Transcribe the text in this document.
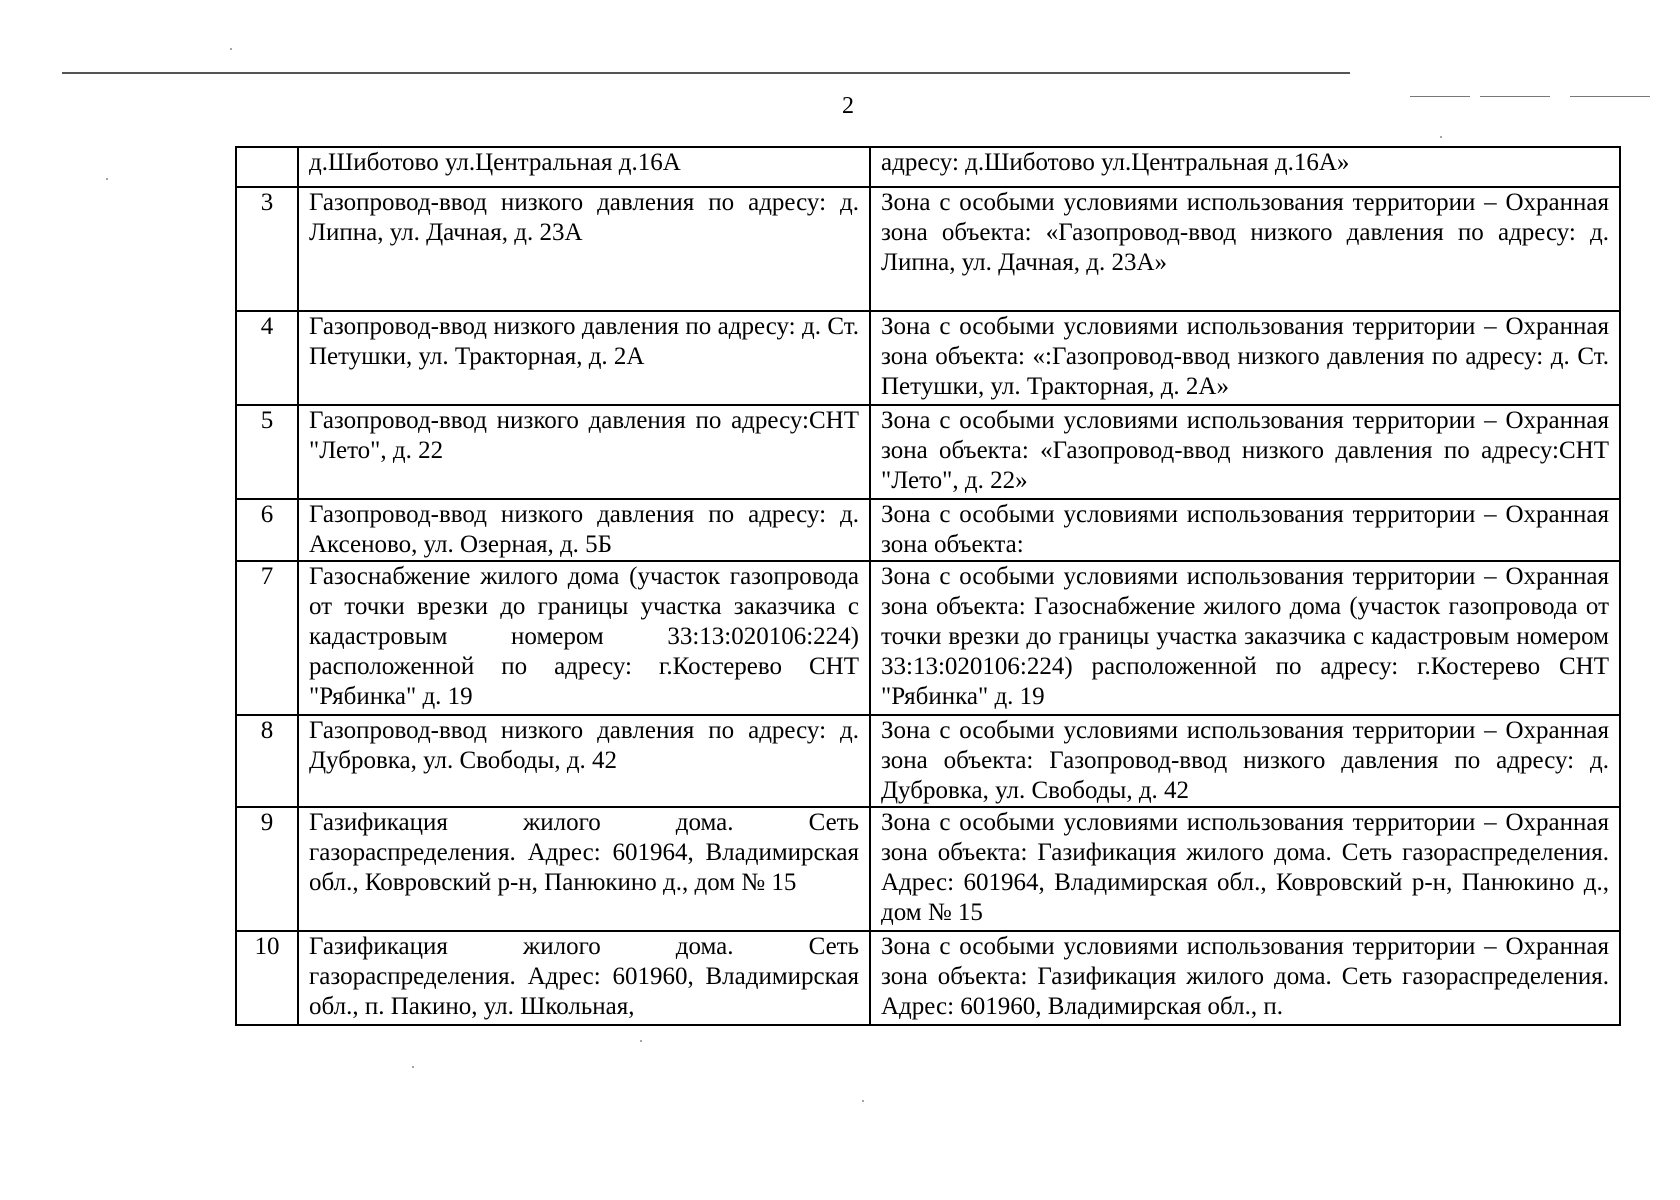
2
	д.Шиботово ул.Центральная д.16А	адресу: д.Шиботово ул.Центральная д.16А»
3	Газопровод-ввод низкого давления по адресу: д. Липна, ул. Дачная, д. 23А	Зона с особыми условиями использования территории – Охранная зона объекта: «Газопровод-ввод низкого давления по адресу: д. Липна, ул. Дачная, д. 23А»
4	Газопровод-ввод низкого давления по адресу: д. Ст. Петушки, ул. Тракторная, д. 2А	Зона с особыми условиями использования территории – Охранная зона объекта: «:Газопровод-ввод низкого давления по адресу: д. Ст. Петушки, ул. Тракторная, д. 2А»
5	Газопровод-ввод низкого давления по адресу:СНТ "Лето", д. 22	Зона с особыми условиями использования территории – Охранная зона объекта: «Газопровод-ввод низкого давления по адресу:СНТ "Лето", д. 22»
6	Газопровод-ввод низкого давления по адресу: д. Аксеново, ул. Озерная, д. 5Б	Зона с особыми условиями использования территории – Охранная зона объекта:
7	Газоснабжение жилого дома (участок газопровода от точки врезки до границы участка заказчика с кадастровым номером 33:13:020106:224) расположенной по адресу: г.Костерево СНТ "Рябинка" д. 19	Зона с особыми условиями использования территории – Охранная зона объекта: Газоснабжение жилого дома (участок газопровода от точки врезки до границы участка заказчика с кадастровым номером 33:13:020106:224) расположенной по адресу: г.Костерево СНТ "Рябинка" д. 19
8	Газопровод-ввод низкого давления по адресу: д. Дубровка, ул. Свободы, д. 42	Зона с особыми условиями использования территории – Охранная зона объекта: Газопровод-ввод низкого давления по адресу: д. Дубровка, ул. Свободы, д. 42
9	Газификация жилого дома. Сеть газораспределения. Адрес: 601964, Владимирская обл., Ковровский р-н, Панюкино д., дом № 15	Зона с особыми условиями использования территории – Охранная зона объекта: Газификация жилого дома. Сеть газораспределения. Адрес: 601964, Владимирская обл., Ковровский р-н, Панюкино д., дом № 15
10	Газификация жилого дома. Сеть газораспределения. Адрес: 601960, Владимирская обл., п. Пакино, ул. Школьная,	Зона с особыми условиями использования территории – Охранная зона объекта: Газификация жилого дома. Сеть газораспределения. Адрес: 601960, Владимирская обл., п.
